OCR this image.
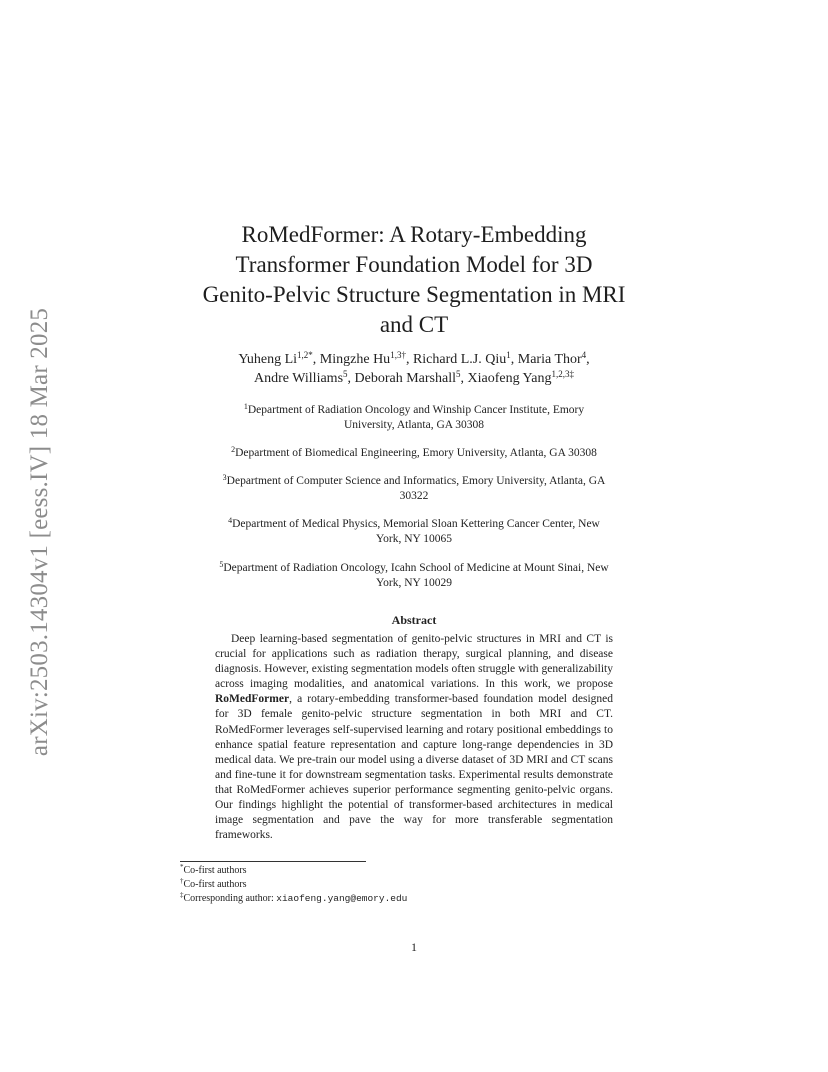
arXiv:2503.14304v1 [eess.IV] 18 Mar 2025
RoMedFormer: A Rotary-Embedding
Transformer Foundation Model for 3D
Genito-Pelvic Structure Segmentation in MRI
and CT
Yuheng $Li^{1,2*}$, Mingzhe $Hu^{1,3\dagger}$, Richard L.J. Qiu$^1$, Maria Thor$^4$,
Andre Williams$^5$, Deborah Marshall$^5$, Xiaofeng Yang$^{1,2,3\ddagger}$
$^1$Department of Radiation Oncology and Winship Cancer Institute, Emory
University, Atlanta, GA 30308
$^2$Department of Biomedical Engineering, Emory University, Atlanta, GA 30308
$^3$Department of Computer Science and Informatics, Emory University, Atlanta, GA
30322
$^4$Department of Medical Physics, Memorial Sloan Kettering Cancer Center, New
York, NY 10065
$^5$Department of Radiation Oncology, Icahn School of Medicine at Mount Sinai, New
York, NY 10029
Abstract
Deep learning-based segmentation of genito-pelvic structures in MRI and CT is crucial for applications such as radiation therapy, surgical planning, and disease diagnosis. However, existing segmentation models often struggle with generalizability across imaging modalities, and anatomical variations. In this work, we propose RoMedFormer, a rotary-embedding transformer-based foundation model designed for 3D female genito-pelvic structure segmentation in both MRI and CT. RoMedFormer leverages self-supervised learning and rotary positional embeddings to enhance spatial feature representation and capture long-range dependencies in 3D medical data. We pre-train our model using a diverse dataset of 3D MRI and CT scans and fine-tune it for downstream segmentation tasks. Experimental results demonstrate that RoMedFormer achieves superior performance segmenting genito-pelvic organs. Our findings highlight the potential of transformer-based architectures in medical image segmentation and pave the way for more transferable segmentation frameworks.
*Co-first authors
†Co-first authors
‡Corresponding author: xiaofeng.yang@emory.edu
1
